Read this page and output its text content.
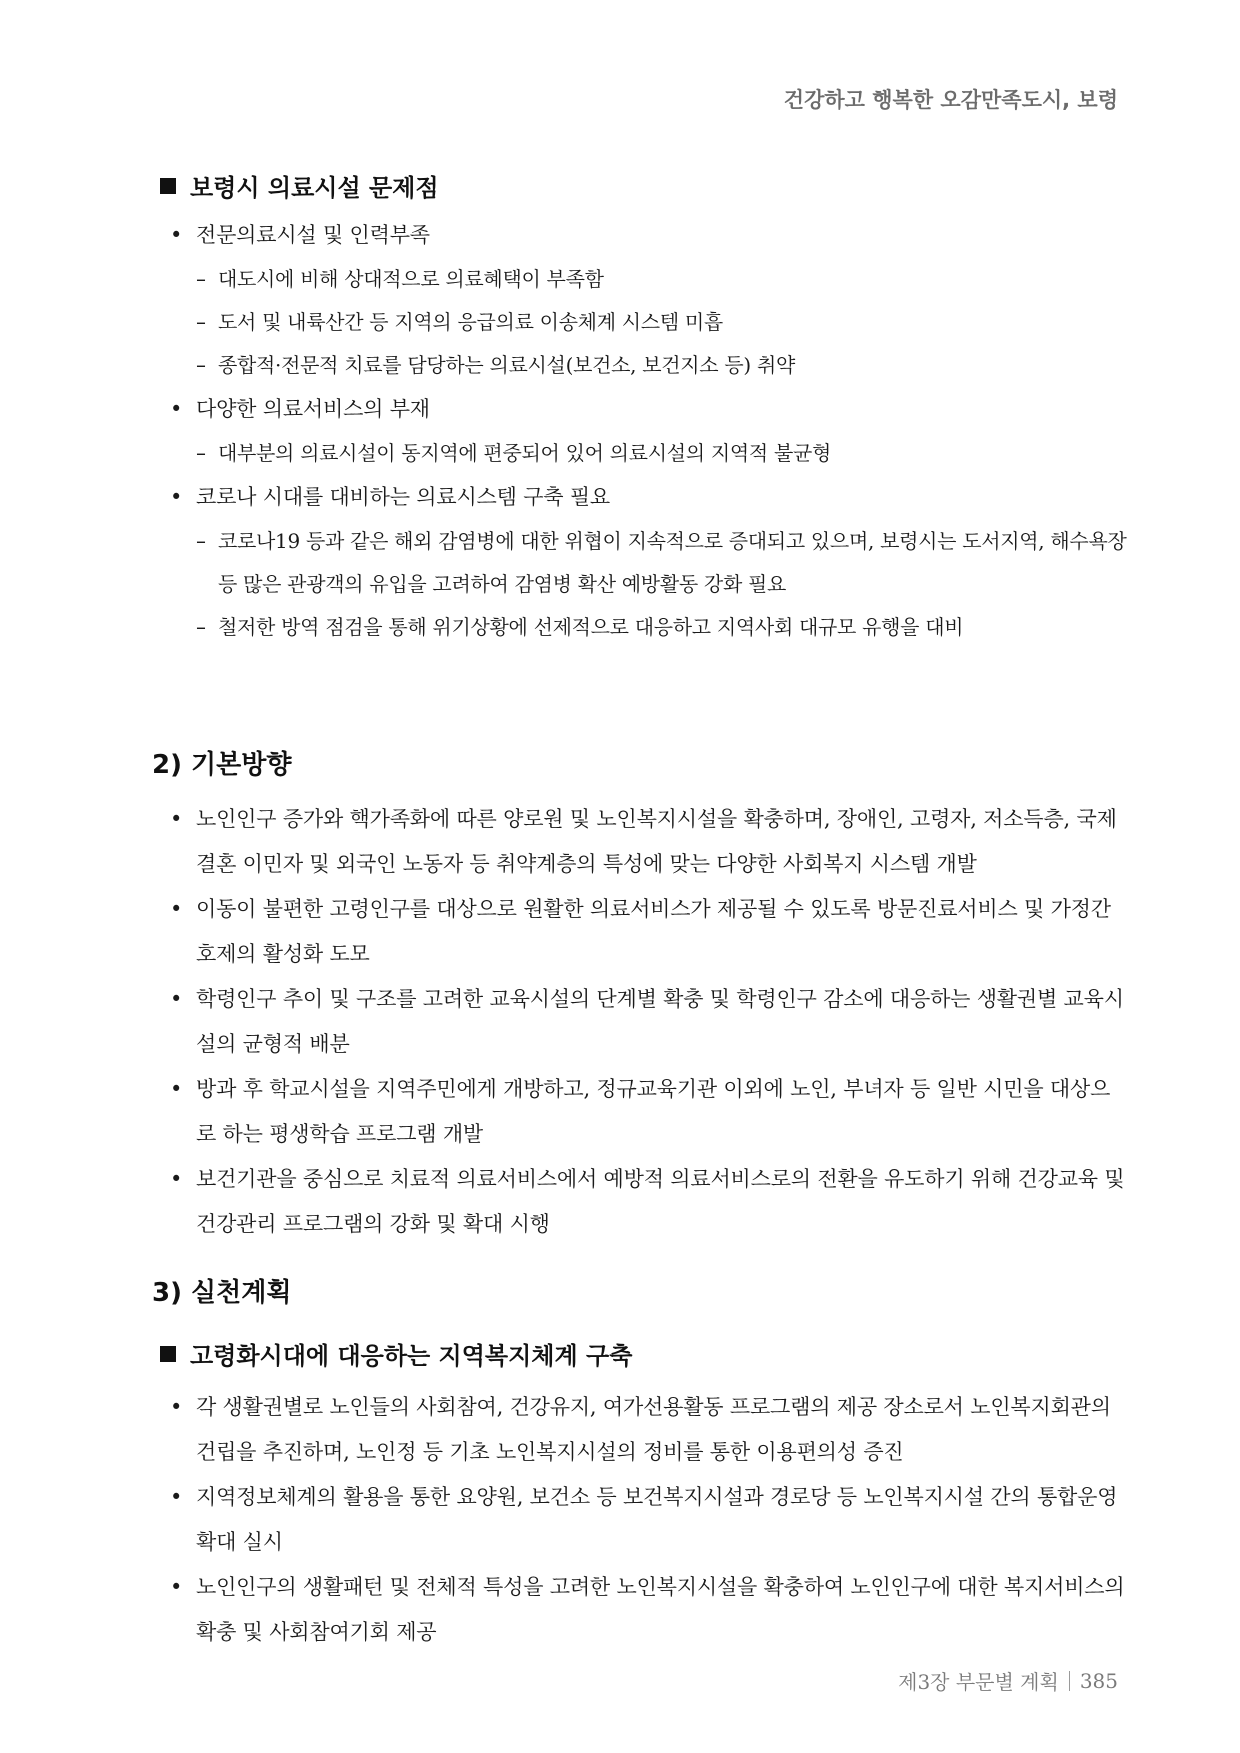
건강하고 행복한 오감만족도시, 보령
보령시 의료시설 문제점
• 전문의료시설 및 인력부족
– 대도시에 비해 상대적으로 의료혜택이 부족함
– 도서 및 내륙산간 등 지역의 응급의료 이송체계 시스템 미흡
– 종합적·전문적 치료를 담당하는 의료시설(보건소, 보건지소 등) 취약
• 다양한 의료서비스의 부재
– 대부분의 의료시설이 동지역에 편중되어 있어 의료시설의 지역적 불균형
• 코로나 시대를 대비하는 의료시스템 구축 필요
– 코로나19 등과 같은 해외 감염병에 대한 위협이 지속적으로 증대되고 있으며, 보령시는 도서지역, 해수욕장 등 많은 관광객의 유입을 고려하여 감염병 확산 예방활동 강화 필요
– 철저한 방역 점검을 통해 위기상황에 선제적으로 대응하고 지역사회 대규모 유행을 대비
2) 기본방향
• 노인인구 증가와 핵가족화에 따른 양로원 및 노인복지시설을 확충하며, 장애인, 고령자, 저소득층, 국제결혼 이민자 및 외국인 노동자 등 취약계층의 특성에 맞는 다양한 사회복지 시스템 개발
• 이동이 불편한 고령인구를 대상으로 원활한 의료서비스가 제공될 수 있도록 방문진료서비스 및 가정간호제의 활성화 도모
• 학령인구 추이 및 구조를 고려한 교육시설의 단계별 확충 및 학령인구 감소에 대응하는 생활권별 교육시설의 균형적 배분
• 방과 후 학교시설을 지역주민에게 개방하고, 정규교육기관 이외에 노인, 부녀자 등 일반 시민을 대상으로 하는 평생학습 프로그램 개발
• 보건기관을 중심으로 치료적 의료서비스에서 예방적 의료서비스로의 전환을 유도하기 위해 건강교육 및 건강관리 프로그램의 강화 및 확대 시행
3) 실천계획
고령화시대에 대응하는 지역복지체계 구축
• 각 생활권별로 노인들의 사회참여, 건강유지, 여가선용활동 프로그램의 제공 장소로서 노인복지회관의 건립을 추진하며, 노인정 등 기초 노인복지시설의 정비를 통한 이용편의성 증진
• 지역정보체계의 활용을 통한 요양원, 보건소 등 보건복지시설과 경로당 등 노인복지시설 간의 통합운영 확대 실시
• 노인인구의 생활패턴 및 전체적 특성을 고려한 노인복지시설을 확충하여 노인인구에 대한 복지서비스의 확충 및 사회참여기회 제공
제3장 부문별 계획 385
